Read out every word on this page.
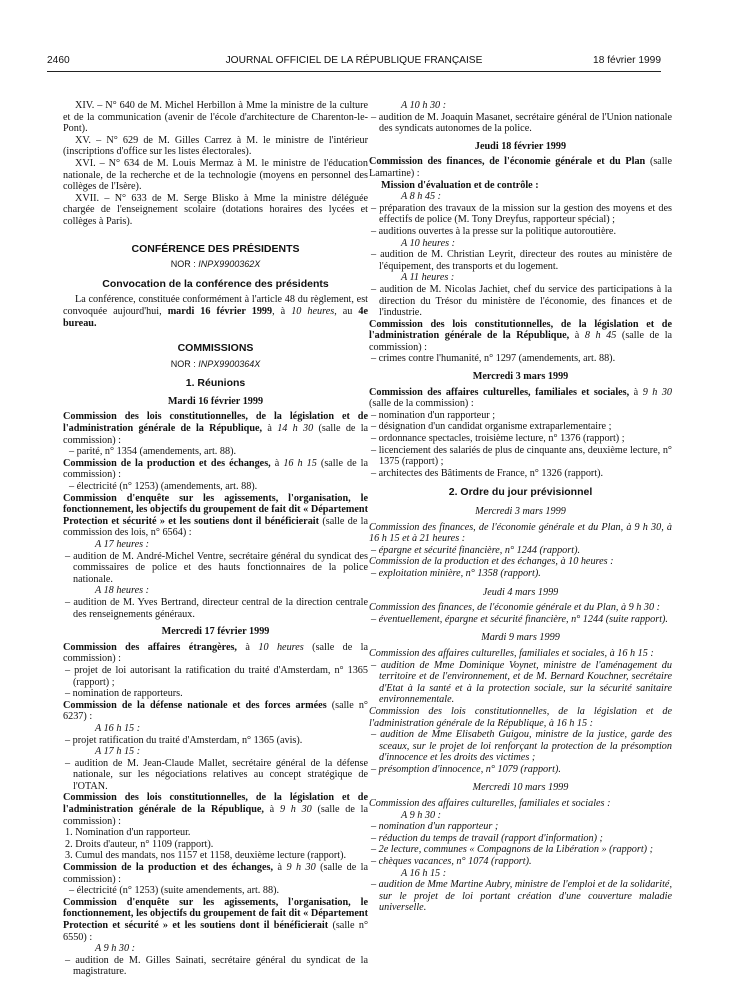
2460	JOURNAL OFFICIEL DE LA RÉPUBLIQUE FRANÇAISE	18 février 1999

XIV. – N° 640 de M. Michel Herbillon à Mme la ministre de la culture et de la communication (avenir de l'école d'architecture de Charenton-le-Pont).

XV. – N° 629 de M. Gilles Carrez à M. le ministre de l'intérieur (inscriptions d'office sur les listes électorales).

XVI. – N° 634 de M. Louis Mermaz à M. le ministre de l'éducation nationale, de la recherche et de la technologie (moyens en personnel des collèges de l'Isère).

XVII. – N° 633 de M. Serge Blisko à Mme la ministre déléguée chargée de l'enseignement scolaire (dotations horaires des lycées et collèges à Paris).

CONFÉRENCE DES PRÉSIDENTS
NOR : INPX9900362X
Convocation de la conférence des présidents

La conférence, constituée conformément à l'article 48 du règlement, est convoquée aujourd'hui, mardi 16 février 1999, à 10 heures, au 4e bureau.

COMMISSIONS
NOR : INPX9900364X
1. Réunions
Mardi 16 février 1999

Commission des lois constitutionnelles, de la législation et de l'administration générale de la République, à 14 h 30 (salle de la commission) :

– parité, n° 1354 (amendements, art. 88).

Commission de la production et des échanges, à 16 h 15 (salle de la commission) :

– électricité (n° 1253) (amendements, art. 88).

Commission d'enquête sur les agissements, l'organisation, le fonctionnement, les objectifs du groupement de fait dit « Département Protection et sécurité » et les soutiens dont il bénéficierait (salle de la commission des lois, n° 6564) :

A 17 heures :

– audition de M. André-Michel Ventre, secrétaire général du syndicat des commissaires de police et des hauts fonctionnaires de la police nationale.

A 18 heures :

– audition de M. Yves Bertrand, directeur central de la direction centrale des renseignements généraux.

Mercredi 17 février 1999

Commission des affaires étrangères, à 10 heures (salle de la commission) :

– projet de loi autorisant la ratification du traité d'Amsterdam, n° 1365 (rapport) ;

– nomination de rapporteurs.

Commission de la défense nationale et des forces armées (salle n° 6237) :

A 16 h 15 :

– projet ratification du traité d'Amsterdam, n° 1365 (avis).

A 17 h 15 :

– audition de M. Jean-Claude Mallet, secrétaire général de la défense nationale, sur les négociations relatives au concept stratégique de l'OTAN.

Commission des lois constitutionnelles, de la législation et de l'administration générale de la République, à 9 h 30 (salle de la commission) :

1. Nomination d'un rapporteur.

2. Droits d'auteur, n° 1109 (rapport).

3. Cumul des mandats, nos 1157 et 1158, deuxième lecture (rapport).

Commission de la production et des échanges, à 9 h 30 (salle de la commission) :

– électricité (n° 1253) (suite amendements, art. 88).

Commission d'enquête sur les agissements, l'organisation, le fonctionnement, les objectifs du groupement de fait dit « Département Protection et sécurité » et les soutiens dont il bénéficierait (salle n° 6550) :

A 9 h 30 :

– audition de M. Gilles Sainati, secrétaire général du syndicat de la magistrature.

A 10 h 30 :

– audition de M. Joaquin Masanet, secrétaire général de l'Union nationale des syndicats autonomes de la police.

Jeudi 18 février 1999

Commission des finances, de l'économie générale et du Plan (salle Lamartine) :

Mission d'évaluation et de contrôle :

A 8 h 45 :

– préparation des travaux de la mission sur la gestion des moyens et des effectifs de police (M. Tony Dreyfus, rapporteur spécial) ;

– auditions ouvertes à la presse sur la politique autoroutière.

A 10 heures :

– audition de M. Christian Leyrit, directeur des routes au ministère de l'équipement, des transports et du logement.

A 11 heures :

– audition de M. Nicolas Jachiet, chef du service des participations à la direction du Trésor du ministère de l'économie, des finances et de l'industrie.

Commission des lois constitutionnelles, de la législation et de l'administration générale de la République, à 8 h 45 (salle de la commission) :

– crimes contre l'humanité, n° 1297 (amendements, art. 88).

Mercredi 3 mars 1999

Commission des affaires culturelles, familiales et sociales, à 9 h 30 (salle de la commission) :

– nomination d'un rapporteur ;

– désignation d'un candidat organisme extraparlementaire ;

– ordonnance spectacles, troisième lecture, n° 1376 (rapport) ;

– licenciement des salariés de plus de cinquante ans, deuxième lecture, n° 1375 (rapport) ;

– architectes des Bâtiments de France, n° 1326 (rapport).

2. Ordre du jour prévisionnel
Mercredi 3 mars 1999

Commission des finances, de l'économie générale et du Plan, à 9 h 30, à 16 h 15 et à 21 heures :

– épargne et sécurité financière, n° 1244 (rapport).

Commission de la production et des échanges, à 10 heures :

– exploitation minière, n° 1358 (rapport).

Jeudi 4 mars 1999

Commission des finances, de l'économie générale et du Plan, à 9 h 30 :

– éventuellement, épargne et sécurité financière, n° 1244 (suite rapport).

Mardi 9 mars 1999

Commission des affaires culturelles, familiales et sociales, à 16 h 15 :

– audition de Mme Dominique Voynet, ministre de l'aménagement du territoire et de l'environnement, et de M. Bernard Kouchner, secrétaire d'Etat à la santé et à la protection sociale, sur la sécurité sanitaire environnementale.

Commission des lois constitutionnelles, de la législation et de l'administration générale de la République, à 16 h 15 :

– audition de Mme Elisabeth Guigou, ministre de la justice, garde des sceaux, sur le projet de loi renforçant la protection de la présomption d'innocence et les droits des victimes ;

– présomption d'innocence, n° 1079 (rapport).

Mercredi 10 mars 1999

Commission des affaires culturelles, familiales et sociales :

A 9 h 30 :

– nomination d'un rapporteur ;

– réduction du temps de travail (rapport d'information) ;

– 2e lecture, communes « Compagnons de la Libération » (rapport) ;

– chèques vacances, n° 1074 (rapport).

A 16 h 15 :

– audition de Mme Martine Aubry, ministre de l'emploi et de la solidarité, sur le projet de loi portant création d'une couverture maladie universelle.
